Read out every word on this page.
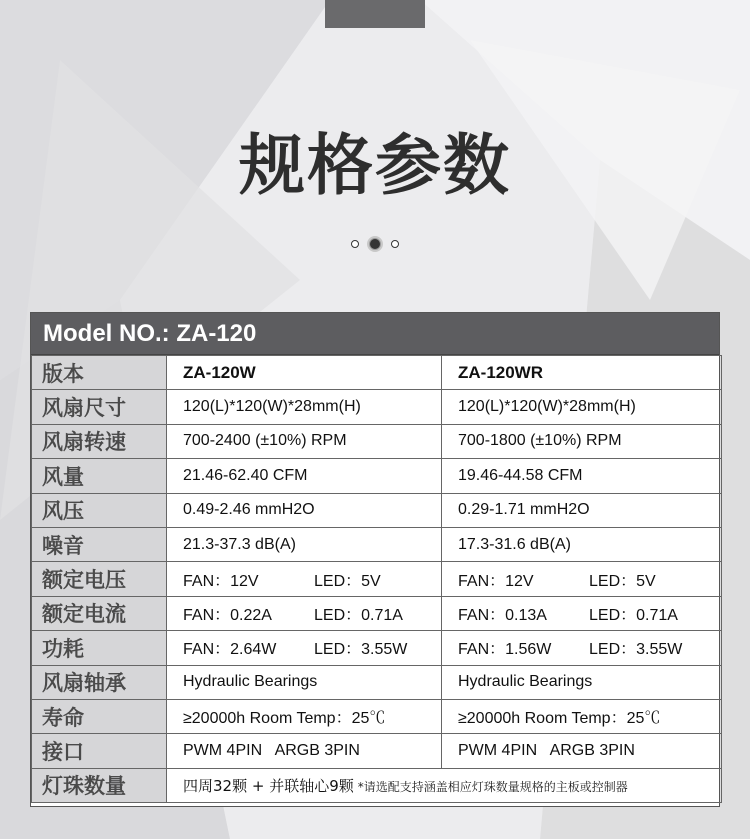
规格参数
Model NO.: ZA-120
版本	ZA-120W	ZA-120WR
风扇尺寸	120(L)*120(W)*28mm(H)	120(L)*120(W)*28mm(H)
风扇转速	700-2400 (±10%) RPM	700-1800 (±10%) RPM
风量	21.46-62.40 CFM	19.46-44.58 CFM
风压	0.49-2.46 mmH2O	0.29-1.71 mmH2O
噪音	21.3-37.3 dB(A)	17.3-31.6 dB(A)
额定电压	FAN：12V LED：5V	FAN：12V LED：5V
额定电流	FAN：0.22A LED：0.71A	FAN：0.13A LED：0.71A
功耗	FAN：2.64W LED：3.55W	FAN：1.56W LED：3.55W
风扇轴承	Hydraulic Bearings	Hydraulic Bearings
寿命	≥20000h Room Temp：25℃	≥20000h Room Temp：25℃
接口	PWM 4PIN   ARGB 3PIN	PWM 4PIN   ARGB 3PIN
灯珠数量	四周32颗 + 并联轴心9颗 *请选配支持涵盖相应灯珠数量规格的主板或控制器	
